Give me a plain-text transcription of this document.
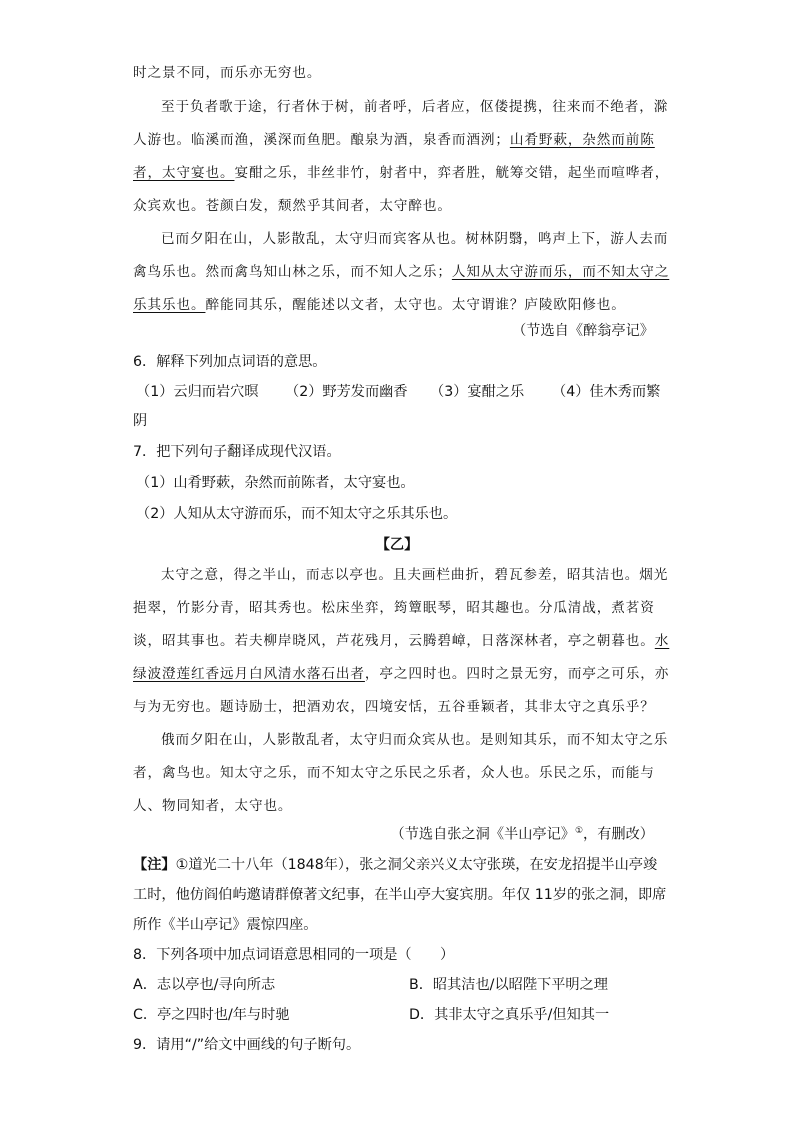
时之景不同，而乐亦无穷也。
至于负者歌于途，行者休于树，前者呼，后者应，伛偻提携，往来而不绝者，滁
人游也。临溪而渔，溪深而鱼肥。酿泉为酒，泉香而酒洌；山肴野蔌，杂然而前陈
者，太守宴也。宴酣之乐，非丝非竹，射者中，弈者胜，觥筹交错，起坐而喧哗者，
众宾欢也。苍颜白发，颓然乎其间者，太守醉也。
已而夕阳在山，人影散乱，太守归而宾客从也。树林阴翳，鸣声上下，游人去而
禽鸟乐也。然而禽鸟知山林之乐，而不知人之乐；人知从太守游而乐，而不知太守之
乐其乐也。醉能同其乐，醒能述以文者，太守也。太守谓谁？庐陵欧阳修也。
（节选自《醉翁亭记》
6．解释下列加点词语的意思。
（1）云归而岩穴暝 （2）野芳发而幽香 （3）宴酣之乐 （4）佳木秀而繁
阴
7．把下列句子翻译成现代汉语。
（1）山肴野蔌，杂然而前陈者，太守宴也。
（2）人知从太守游而乐，而不知太守之乐其乐也。
【乙】
太守之意，得之半山，而志以亭也。且夫画栏曲折，碧瓦参差，昭其洁也。烟光
挹翠，竹影分青，昭其秀也。松床坐弈，筠簟眠琴，昭其趣也。分瓜清战，煮茗资
谈，昭其事也。若夫柳岸晓风，芦花残月，云腾碧嶂，日落深林者，亭之朝暮也。水
绿波澄莲红香远月白风清水落石出者，亭之四时也。四时之景无穷，而亭之可乐，亦
与为无穷也。题诗励士，把酒劝农，四境安恬，五谷垂颖者，其非太守之真乐乎？
俄而夕阳在山，人影散乱者，太守归而众宾从也。是则知其乐，而不知太守之乐
者，禽鸟也。知太守之乐，而不知太守之乐民之乐者，众人也。乐民之乐，而能与
人、物同知者，太守也。
（节选自张之洞《半山亭记》①，有删改）
【注】①道光二十八年（1848年），张之洞父亲兴义太守张瑛，在安龙招提半山亭竣
工时，他仿阎伯屿邀请群僚著文纪事，在半山亭大宴宾朋。年仅 11岁的张之洞，即席
所作《半山亭记》震惊四座。
8．下列各项中加点词语意思相同的一项是（　　）
A．志以亭也/寻向所志	B．昭其洁也/以昭陛下平明之理
C．亭之四时也/年与时驰	D．其非太守之真乐乎/但知其一
9．请用“/”给文中画线的句子断句。
